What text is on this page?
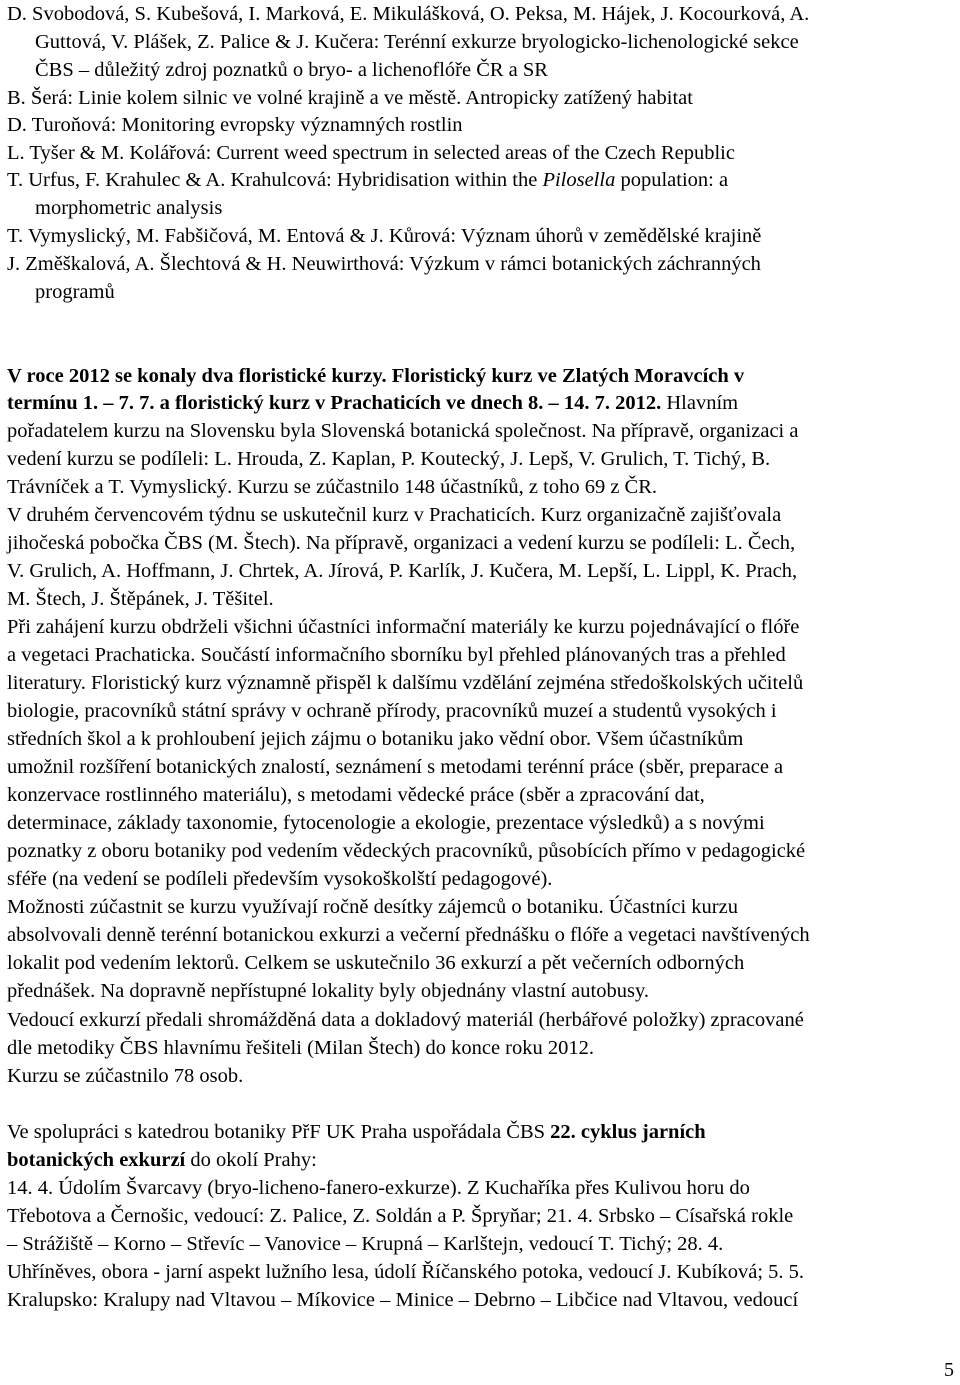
D. Svobodová, S. Kubešová, I. Marková, E. Mikulášková, O. Peksa, M. Hájek, J. Kocourková, A.
Guttová, V. Plášek, Z. Palice & J. Kučera: Terénní exkurze bryologicko-lichenologické sekce
ČBS – důležitý zdroj poznatků o bryo- a lichenoflóře ČR a SR
B. Šerá: Linie kolem silnic ve volné krajině a ve městě. Antropicky zatížený habitat
D. Turoňová: Monitoring evropsky významných rostlin
L. Tyšer & M. Kolářová: Current weed spectrum in selected areas of the Czech Republic
T. Urfus, F. Krahulec & A. Krahulcová: Hybridisation within the Pilosella population: a
morphometric analysis
T. Vymyslický, M. Fabšičová, M. Entová & J. Kůrová: Význam úhorů v zemědělské krajině
J. Změškalová, A. Šlechtová & H. Neuwirthová: Výzkum v rámci botanických záchranných
programů
V roce 2012 se konaly dva floristické kurzy. Floristický kurz ve Zlatých Moravcích v
termínu 1. – 7. 7. a floristický kurz v Prachaticích ve dnech 8. – 14. 7. 2012. Hlavním
pořadatelem kurzu na Slovensku byla Slovenská botanická společnost. Na přípravě, organizaci a
vedení kurzu se podíleli: L. Hrouda, Z. Kaplan, P. Koutecký, J. Lepš, V. Grulich, T. Tichý, B.
Trávníček a T. Vymyslický. Kurzu se zúčastnilo 148 účastníků, z toho 69 z ČR.
V druhém červencovém týdnu se uskutečnil kurz v Prachaticích. Kurz organizačně zajišťovala
jihočeská pobočka ČBS (M. Štech). Na přípravě, organizaci a vedení kurzu se podíleli: L. Čech,
V. Grulich, A. Hoffmann, J. Chrtek, A. Jírová, P. Karlík, J. Kučera, M. Lepší, L. Lippl, K. Prach,
M. Štech, J. Štěpánek, J. Těšitel.
Při zahájení kurzu obdrželi všichni účastníci informační materiály ke kurzu pojednávající o flóře
a vegetaci Prachaticka. Součástí informačního sborníku byl přehled plánovaných tras a přehled
literatury. Floristický kurz významně přispěl k dalšímu vzdělání zejména středoškolských učitelů
biologie, pracovníků státní správy v ochraně přírody, pracovníků muzeí a studentů vysokých i
středních škol a k prohloubení jejich zájmu o botaniku jako vědní obor. Všem účastníkům
umožnil rozšíření botanických znalostí, seznámení s metodami terénní práce (sběr, preparace a
konzervace rostlinného materiálu), s metodami vědecké práce (sběr a zpracování dat,
determinace, základy taxonomie, fytocenologie a ekologie, prezentace výsledků) a s novými
poznatky z oboru botaniky pod vedením vědeckých pracovníků, působících přímo v pedagogické
sféře (na vedení se podíleli především vysokoškolští pedagogové).
Možnosti zúčastnit se kurzu využívají ročně desítky zájemců o botaniku. Účastníci kurzu
absolvovali denně terénní botanickou exkurzi a večerní přednášku o flóře a vegetaci navštívených
lokalit pod vedením lektorů. Celkem se uskutečnilo 36 exkurzí a pět večerních odborných
přednášek. Na dopravně nepřístupné lokality byly objednány vlastní autobusy.
Vedoucí exkurzí předali shromážděná data a dokladový materiál (herbářové položky) zpracované
dle metodiky ČBS hlavnímu řešiteli (Milan Štech) do konce roku 2012.
Kurzu se zúčastnilo 78 osob.
Ve spolupráci s katedrou botaniky PřF UK Praha uspořádala ČBS 22. cyklus jarních
botanických exkurzí do okolí Prahy:
14. 4. Údolím Švarcavy (bryo-licheno-fanero-exkurze). Z Kuchaříka přes Kulivou horu do
Třebotova a Černošic, vedoucí: Z. Palice, Z. Soldán a P. Špryňar; 21. 4. Srbsko – Císařská rokle
– Strážiště – Korno – Střevíc – Vanovice – Krupná – Karlštejn, vedoucí T. Tichý; 28. 4.
Uhříněves, obora - jarní aspekt lužního lesa, údolí Říčanského potoka, vedoucí J. Kubíková; 5. 5.
Kralupsko: Kralupy nad Vltavou – Míkovice – Minice – Debrno – Libčice nad Vltavou, vedoucí
5
